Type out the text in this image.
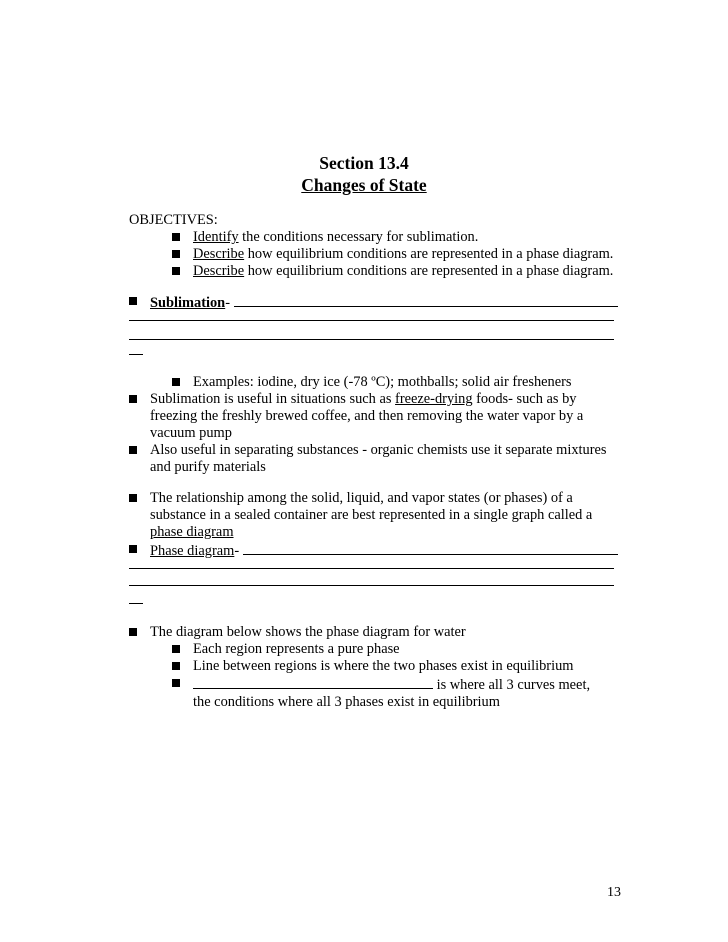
Section 13.4
Changes of State
OBJECTIVES:
Identify the conditions necessary for sublimation.
Describe how equilibrium conditions are represented in a phase diagram.
Describe how equilibrium conditions are represented in a phase diagram.
Sublimation-
Examples: iodine, dry ice (-78 ºC); mothballs; solid air fresheners
Sublimation is useful in situations such as freeze-drying foods- such as by freezing the freshly brewed coffee, and then removing the water vapor by a vacuum pump
Also useful in separating substances - organic chemists use it separate mixtures and purify materials
The relationship among the solid, liquid, and vapor states (or phases) of a substance in a sealed container are best represented in a single graph called a phase diagram
Phase diagram-
The diagram below shows the phase diagram for water
Each region represents a pure phase
Line between regions is where the two phases exist in equilibrium
is where all 3 curves meet, the conditions where all 3 phases exist in equilibrium
13
